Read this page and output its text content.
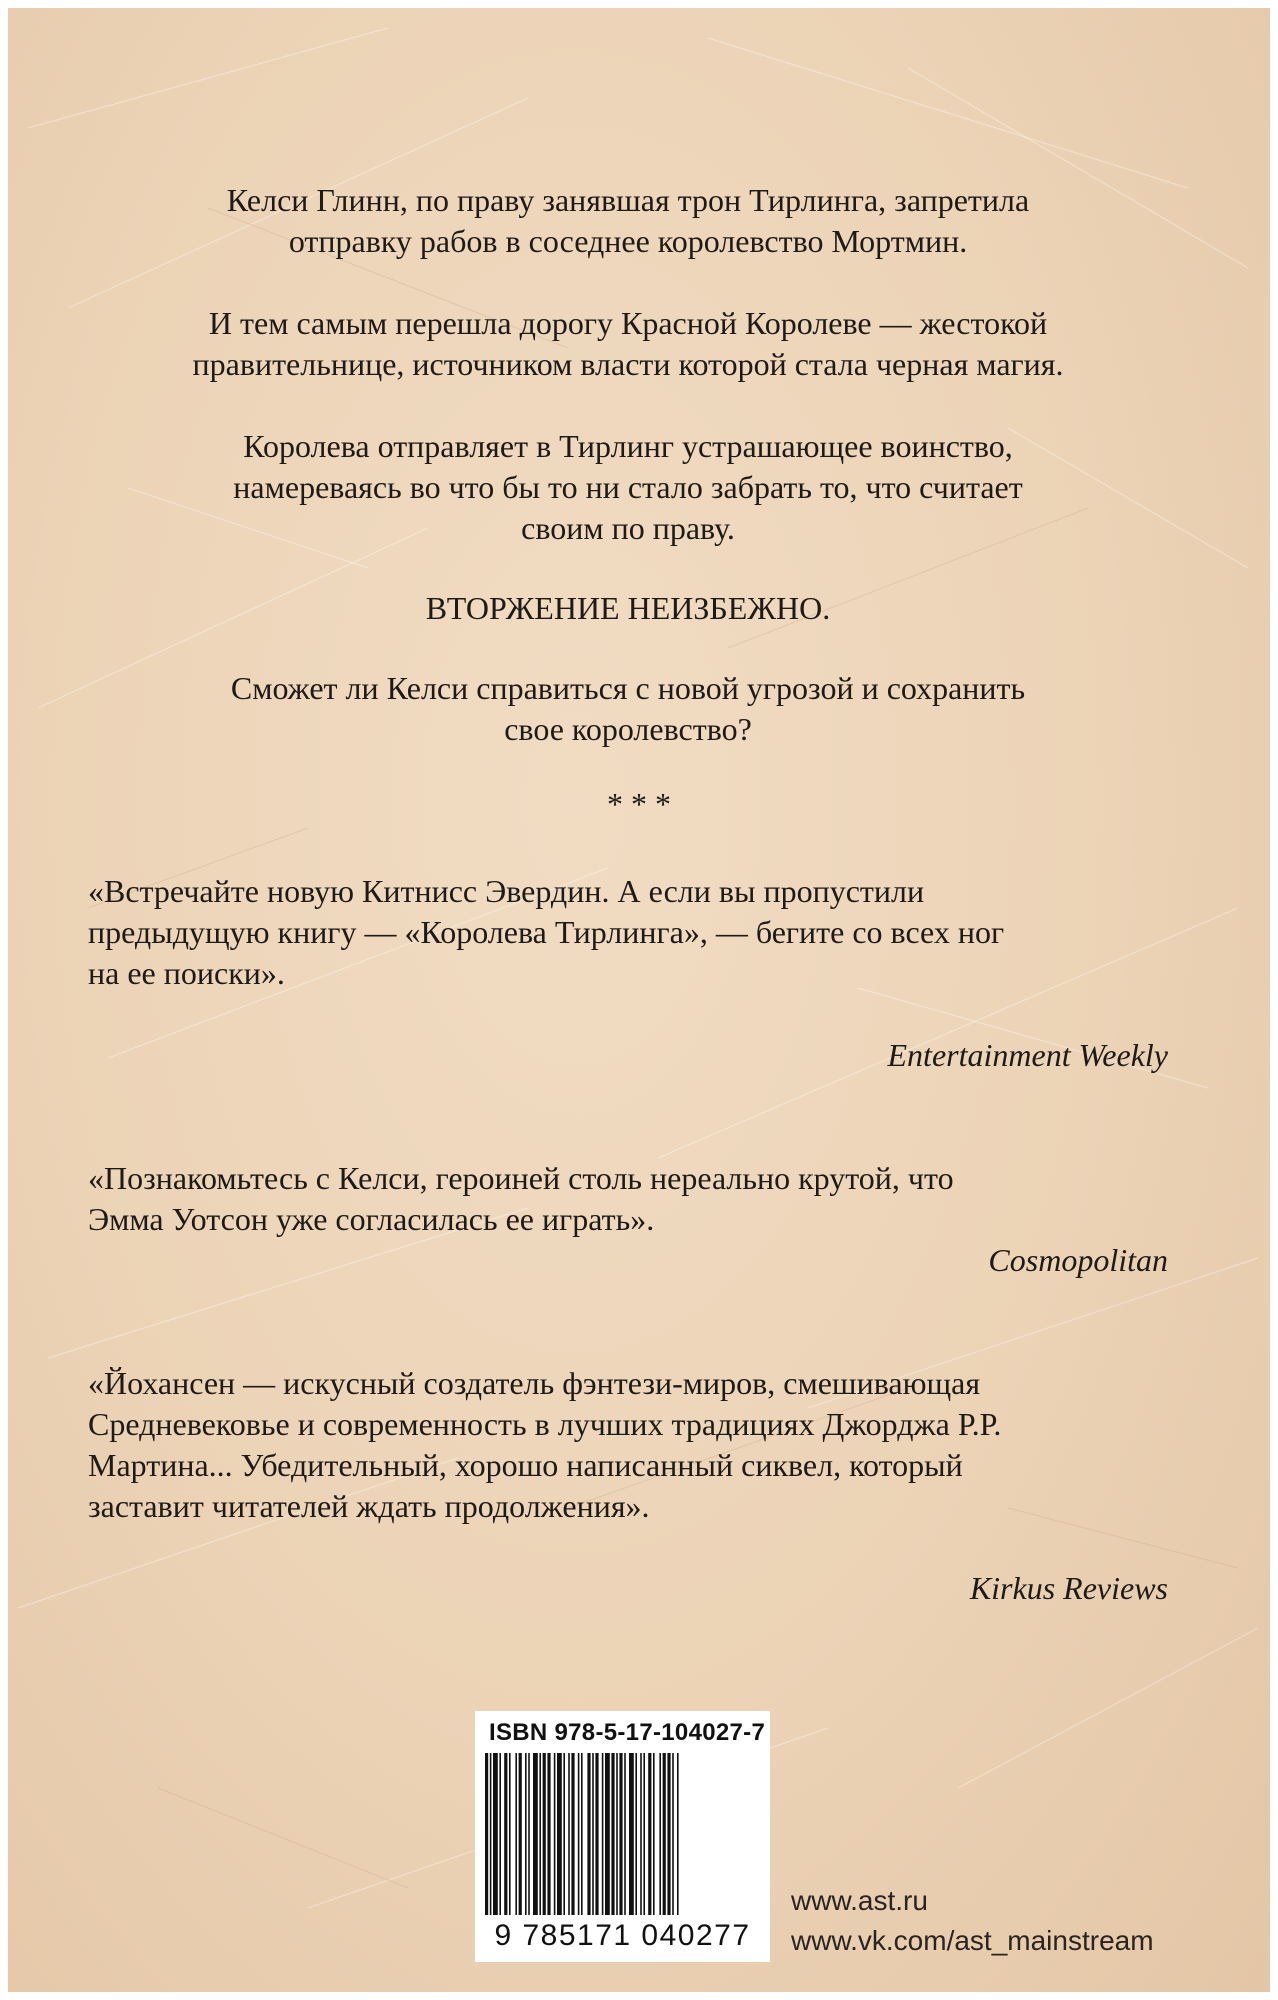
Келси Глинн, по праву занявшая трон Тирлинга, запретила

отправку рабов в соседнее королевство Мортмин.

И тем самым перешла дорогу Красной Королеве — жестокой

правительнице, источником власти которой стала черная магия.

Королева отправляет в Тирлинг устрашающее воинство,

намереваясь во что бы то ни стало забрать то, что считает

своим по праву.

ВТОРЖЕНИЕ НЕИЗБЕЖНО.

Сможет ли Келси справиться с новой угрозой и сохранить

свое королевство?

* * *

«Встречайте новую Китнисс Эвердин. А если вы пропустили

предыдущую книгу — «Королева Тирлинга», — бегите со всех ног

на ее поиски».

Entertainment Weekly

«Познакомьтесь с Келси, героиней столь нереально крутой, что

Эмма Уотсон уже согласилась ее играть».

Cosmopolitan

«Йохансен — искусный создатель фэнтези-миров, смешивающая

Средневековье и современность в лучших традициях Джорджа Р.Р.

Мартина... Убедительный, хорошо написанный сиквел, который

заставит читателей ждать продолжения».

Kirkus Reviews
ISBN 978-5-17-104027-7
9 785171 040277
www.ast.ru
www.vk.com/ast_mainstream
